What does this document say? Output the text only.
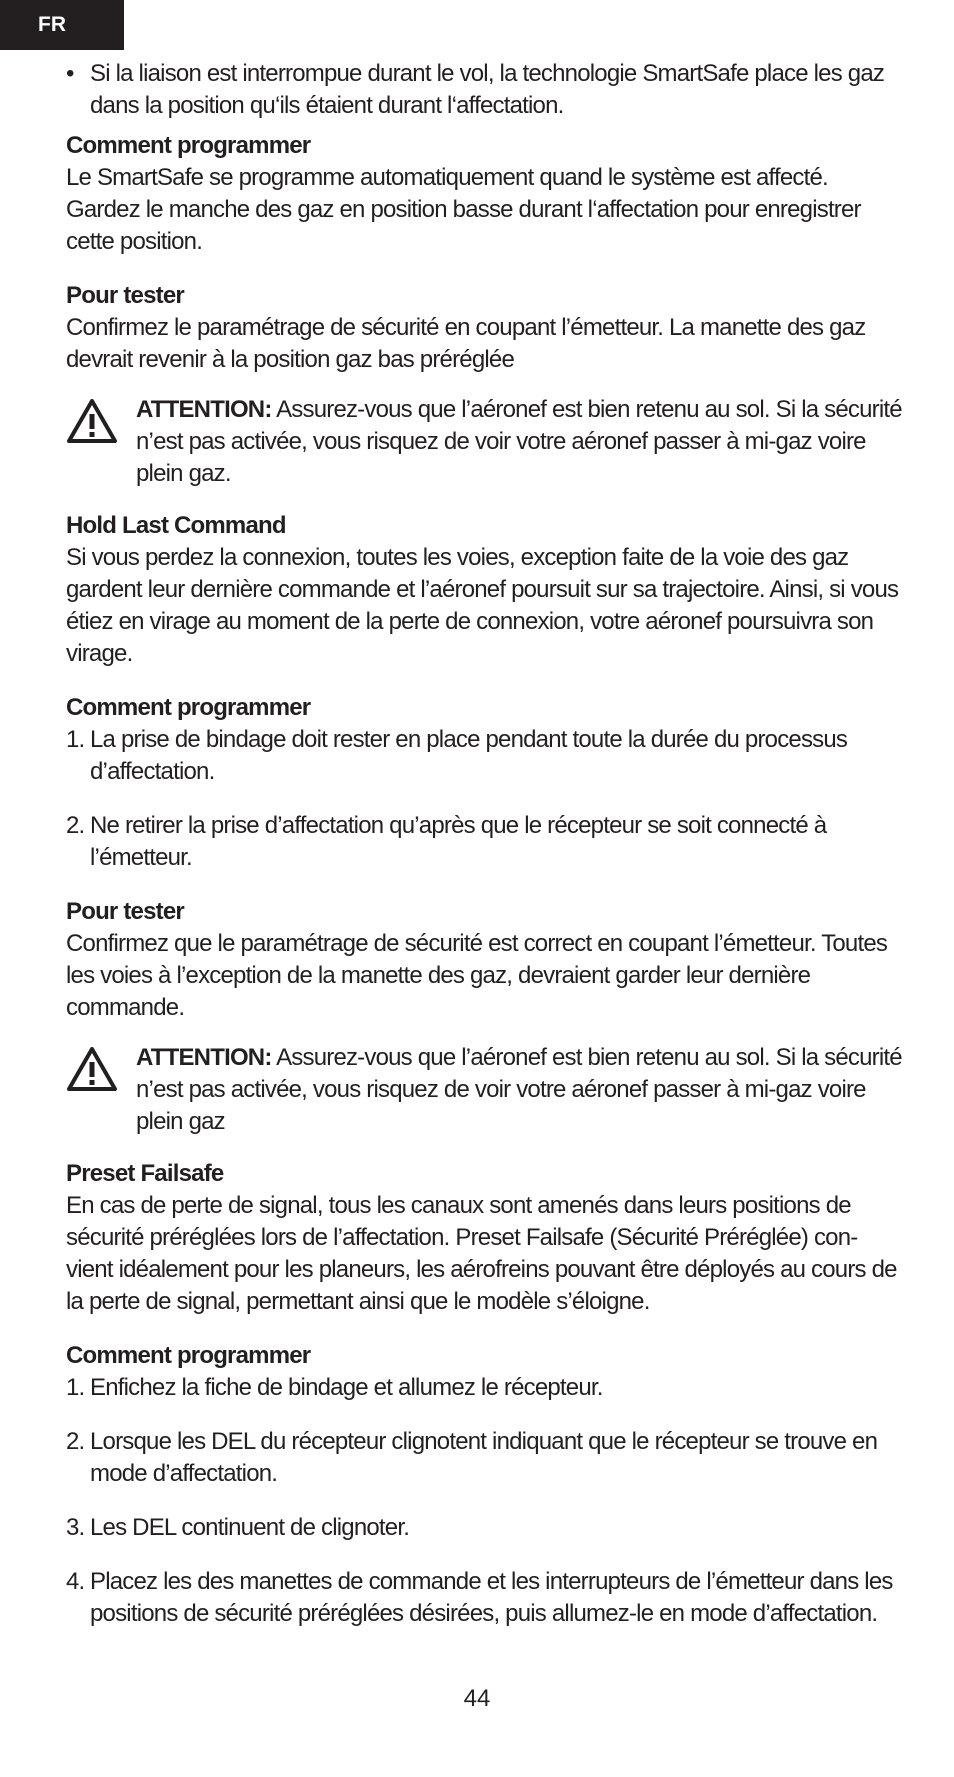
FR
• Si la liaison est interrompue durant le vol, la technologie SmartSafe place les gaz dans la position qu‘ils étaient durant l‘affectation.

Comment programmer

Le SmartSafe se programme automatiquement quand le système est affecté. Gardez le manche des gaz en position basse durant l‘affectation pour enregistrer cette position.

Pour tester

Confirmez le paramétrage de sécurité en coupant l’émetteur. La manette des gaz devrait revenir à la position gaz bas préréglée

ATTENTION: Assurez-vous que l’aéronef est bien retenu au sol. Si la sécurité n’est pas activée, vous risquez de voir votre aéronef passer à mi-gaz voire plein gaz.

Hold Last Command

Si vous perdez la connexion, toutes les voies, exception faite de la voie des gaz gardent leur dernière commande et l’aéronef poursuit sur sa trajectoire. Ainsi, si vous étiez en virage au moment de la perte de connexion, votre aéronef poursuivra son virage.

Comment programmer

1. La prise de bindage doit rester en place pendant toute la durée du processus d’affectation.

2. Ne retirer la prise d’affectation qu’après que le récepteur se soit connecté à l’émetteur.

Pour tester

Confirmez que le paramétrage de sécurité est correct en coupant l’émetteur. Toutes les voies à l’exception de la manette des gaz, devraient garder leur dernière commande.

ATTENTION: Assurez-vous que l’aéronef est bien retenu au sol. Si la sécurité n’est pas activée, vous risquez de voir votre aéronef passer à mi-gaz voire plein gaz

Preset Failsafe

En cas de perte de signal, tous les canaux sont amenés dans leurs positions de sécurité préréglées lors de l’affectation. Preset Failsafe (Sécurité Préréglée) con- vient idéalement pour les planeurs, les aérofreins pouvant être déployés au cours de la perte de signal, permettant ainsi que le modèle s’éloigne.

Comment programmer

1. Enfichez la fiche de bindage et allumez le récepteur.

2. Lorsque les DEL du récepteur clignotent indiquant que le récepteur se trouve en mode d’affectation.

3. Les DEL continuent de clignoter.

4. Placez les des manettes de commande et les interrupteurs de l’émetteur dans les positions de sécurité préréglées désirées, puis allumez-le en mode d’affectation.

44
